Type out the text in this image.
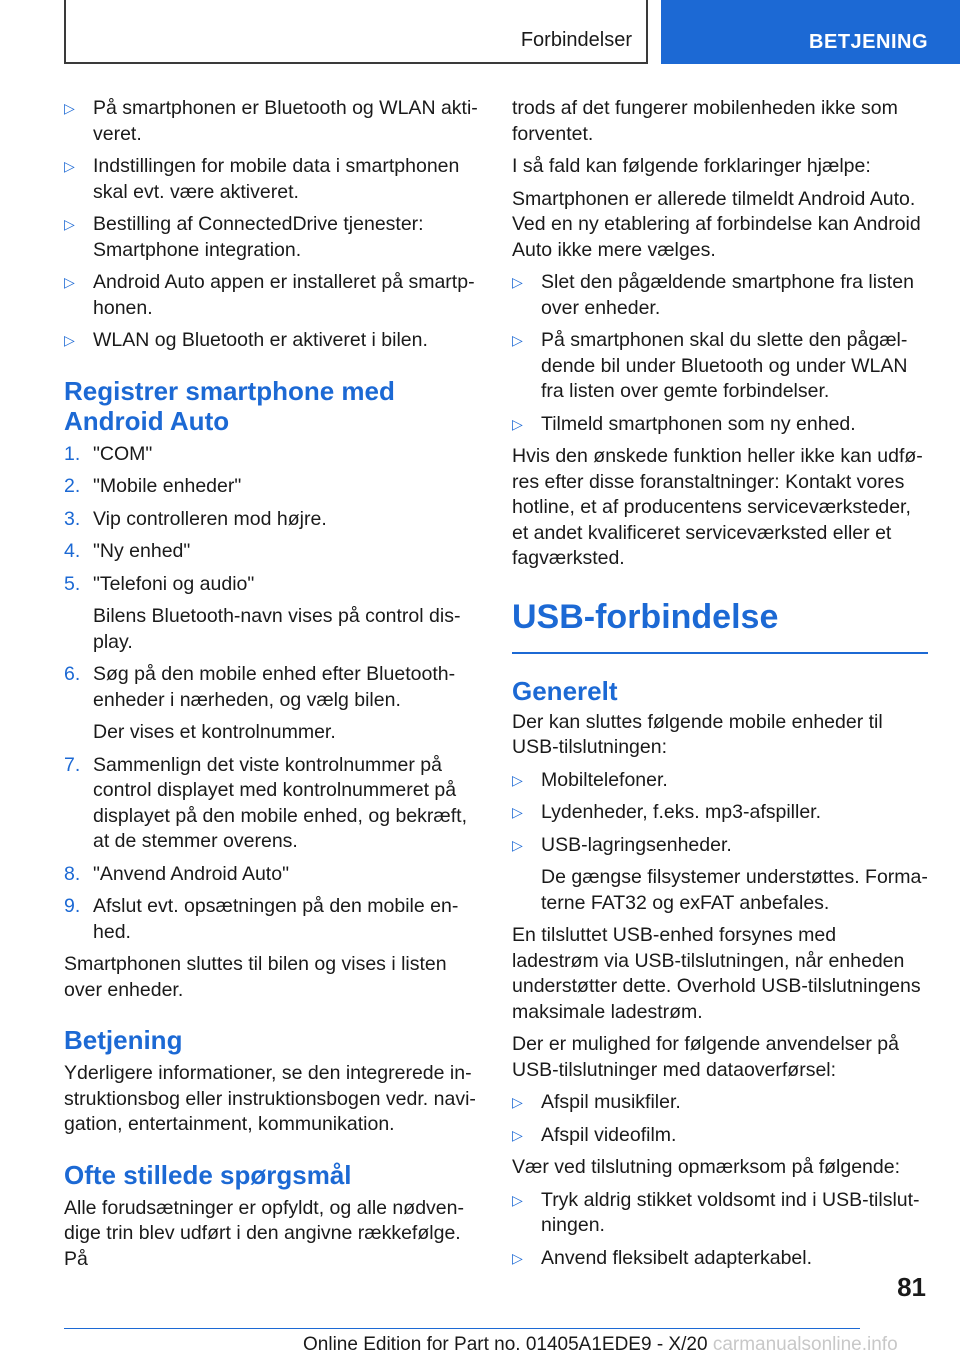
Forbindelser	BETJENING
▷ På smartphonen er Bluetooth og WLAN aktiveret.
▷ Indstillingen for mobile data i smartphonen skal evt. være aktiveret.
▷ Bestilling af ConnectedDrive tjenester: Smartphone integration.
▷ Android Auto appen er installeret på smartphonen.
▷ WLAN og Bluetooth er aktiveret i bilen.
Registrer smartphone med Android Auto
1. "COM"
2. "Mobile enheder"
3. Vip controlleren mod højre.
4. "Ny enhed"
5. "Telefoni og audio"
Bilens Bluetooth-navn vises på control display.
6. Søg på den mobile enhed efter Bluetooth-enheder i nærheden, og vælg bilen.
Der vises et kontrolnummer.
7. Sammenlign det viste kontrolnummer på control displayet med kontrolnummeret på displayet på den mobile enhed, og bekræft, at de stemmer overens.
8. "Anvend Android Auto"
9. Afslut evt. opsætningen på den mobile enhed.

Smartphonen sluttes til bilen og vises i listen over enheder.

Betjening

Yderligere informationer, se den integrerede instruktionsbog eller instruktionsbogen vedr. navigation, entertainment, kommunikation.

Ofte stillede spørgsmål

Alle forudsætninger er opfyldt, og alle nødvendige trin blev udført i den angivne rækkefølge. På

trods af det fungerer mobilenheden ikke som forventet.

I så fald kan følgende forklaringer hjælpe:

Smartphonen er allerede tilmeldt Android Auto. Ved en ny etablering af forbindelse kan Android Auto ikke mere vælges.

▷ Slet den pågældende smartphone fra listen over enheder.
▷ På smartphonen skal du slette den pågældende bil under Bluetooth og under WLAN fra listen over gemte forbindelser.
▷ Tilmeld smartphonen som ny enhed.

Hvis den ønskede funktion heller ikke kan udføres efter disse foranstaltninger: Kontakt vores hotline, et af producentens serviceværksteder, et andet kvalificeret serviceværksted eller et fagværksted.

USB-forbindelse
Generelt

Der kan sluttes følgende mobile enheder til USB-tilslutningen:

▷ Mobiltelefoner.
▷ Lydenheder, f.eks. mp3-afspiller.
▷ USB-lagringsenheder.
De gængse filsystemer understøttes. Formaterne FAT32 og exFAT anbefales.

En tilsluttet USB-enhed forsynes med ladestrøm via USB-tilslutningen, når enheden understøtter dette. Overhold USB-tilslutningens maksimale ladestrøm.

Der er mulighed for følgende anvendelser på USB-tilslutninger med dataoverførsel:

▷ Afspil musikfiler.
▷ Afspil videofilm.

Vær ved tilslutning opmærksom på følgende:

▷ Tryk aldrig stikket voldsomt ind i USB-tilslutningen.
▷ Anvend fleksibelt adapterkabel.
81
Online Edition for Part no. 01405A1EDE9 - X/20 carmanualsonline.info
